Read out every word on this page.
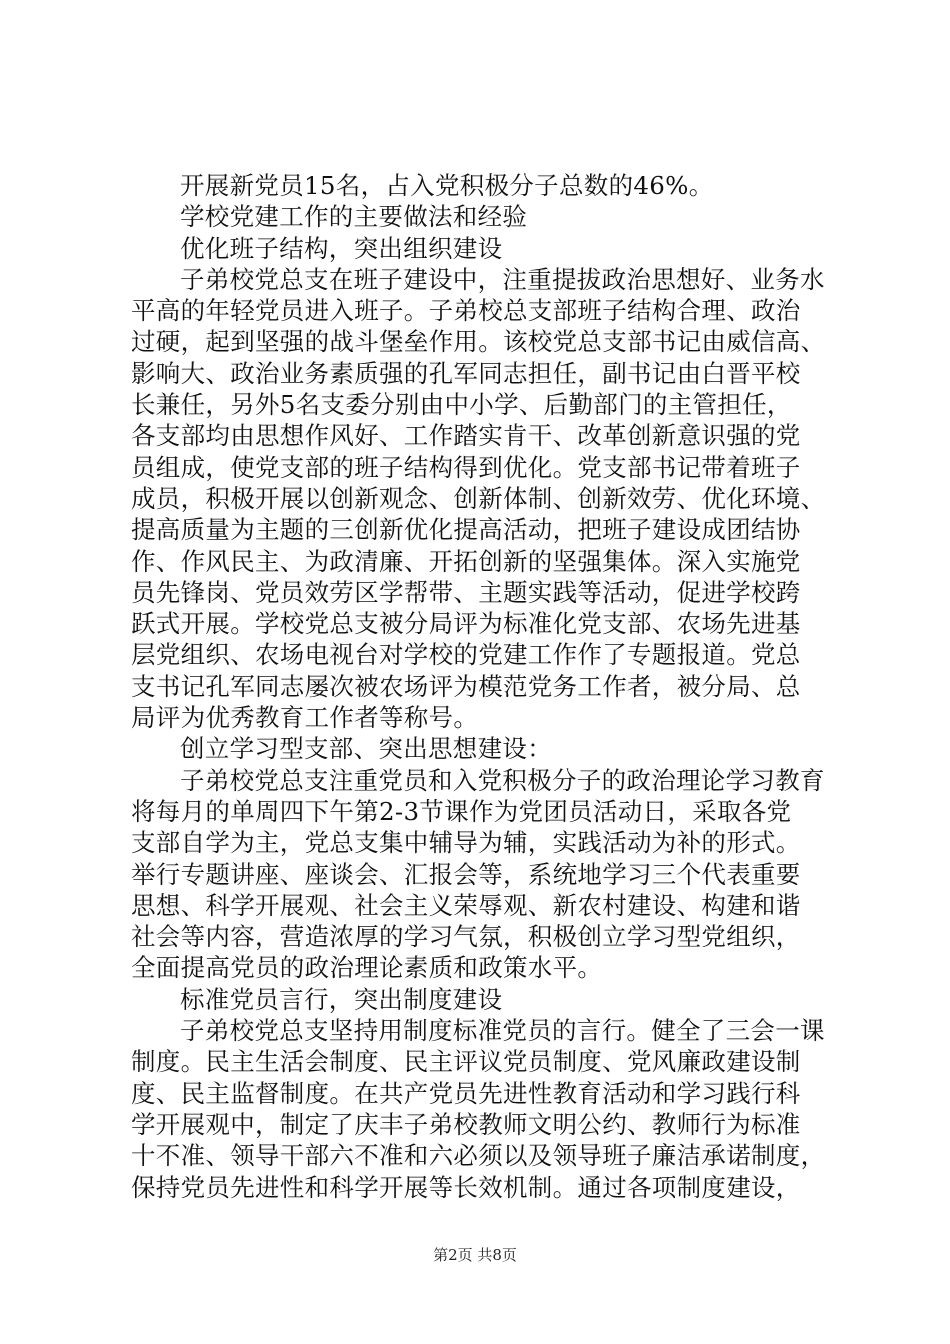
开展新党员15名，占入党积极分子总数的46%。
学校党建工作的主要做法和经验
优化班子结构，突出组织建设
子弟校党总支在班子建设中，注重提拔政治思想好、业务水
平高的年轻党员进入班子。子弟校总支部班子结构合理、政治
过硬，起到坚强的战斗堡垒作用。该校党总支部书记由威信高、
影响大、政治业务素质强的孔军同志担任，副书记由白晋平校
长兼任，另外5名支委分别由中小学、后勤部门的主管担任，
各支部均由思想作风好、工作踏实肯干、改革创新意识强的党
员组成，使党支部的班子结构得到优化。党支部书记带着班子
成员，积极开展以创新观念、创新体制、创新效劳、优化环境、
提高质量为主题的三创新优化提高活动，把班子建设成团结协
作、作风民主、为政清廉、开拓创新的坚强集体。深入实施党
员先锋岗、党员效劳区学帮带、主题实践等活动，促进学校跨
跃式开展。学校党总支被分局评为标准化党支部、农场先进基
层党组织、农场电视台对学校的党建工作作了专题报道。党总
支书记孔军同志屡次被农场评为模范党务工作者，被分局、总
局评为优秀教育工作者等称号。
创立学习型支部、突出思想建设：
子弟校党总支注重党员和入党积极分子的政治理论学习教育
将每月的单周四下午第2-3节课作为党团员活动日，采取各党
支部自学为主，党总支集中辅导为辅，实践活动为补的形式。
举行专题讲座、座谈会、汇报会等，系统地学习三个代表重要
思想、科学开展观、社会主义荣辱观、新农村建设、构建和谐
社会等内容，营造浓厚的学习气氛，积极创立学习型党组织，
全面提高党员的政治理论素质和政策水平。
标准党员言行，突出制度建设
子弟校党总支坚持用制度标准党员的言行。健全了三会一课
制度。民主生活会制度、民主评议党员制度、党风廉政建设制
度、民主监督制度。在共产党员先进性教育活动和学习践行科
学开展观中，制定了庆丰子弟校教师文明公约、教师行为标准
十不准、领导干部六不准和六必须以及领导班子廉洁承诺制度，
保持党员先进性和科学开展等长效机制。通过各项制度建设，
第2页 共8页
